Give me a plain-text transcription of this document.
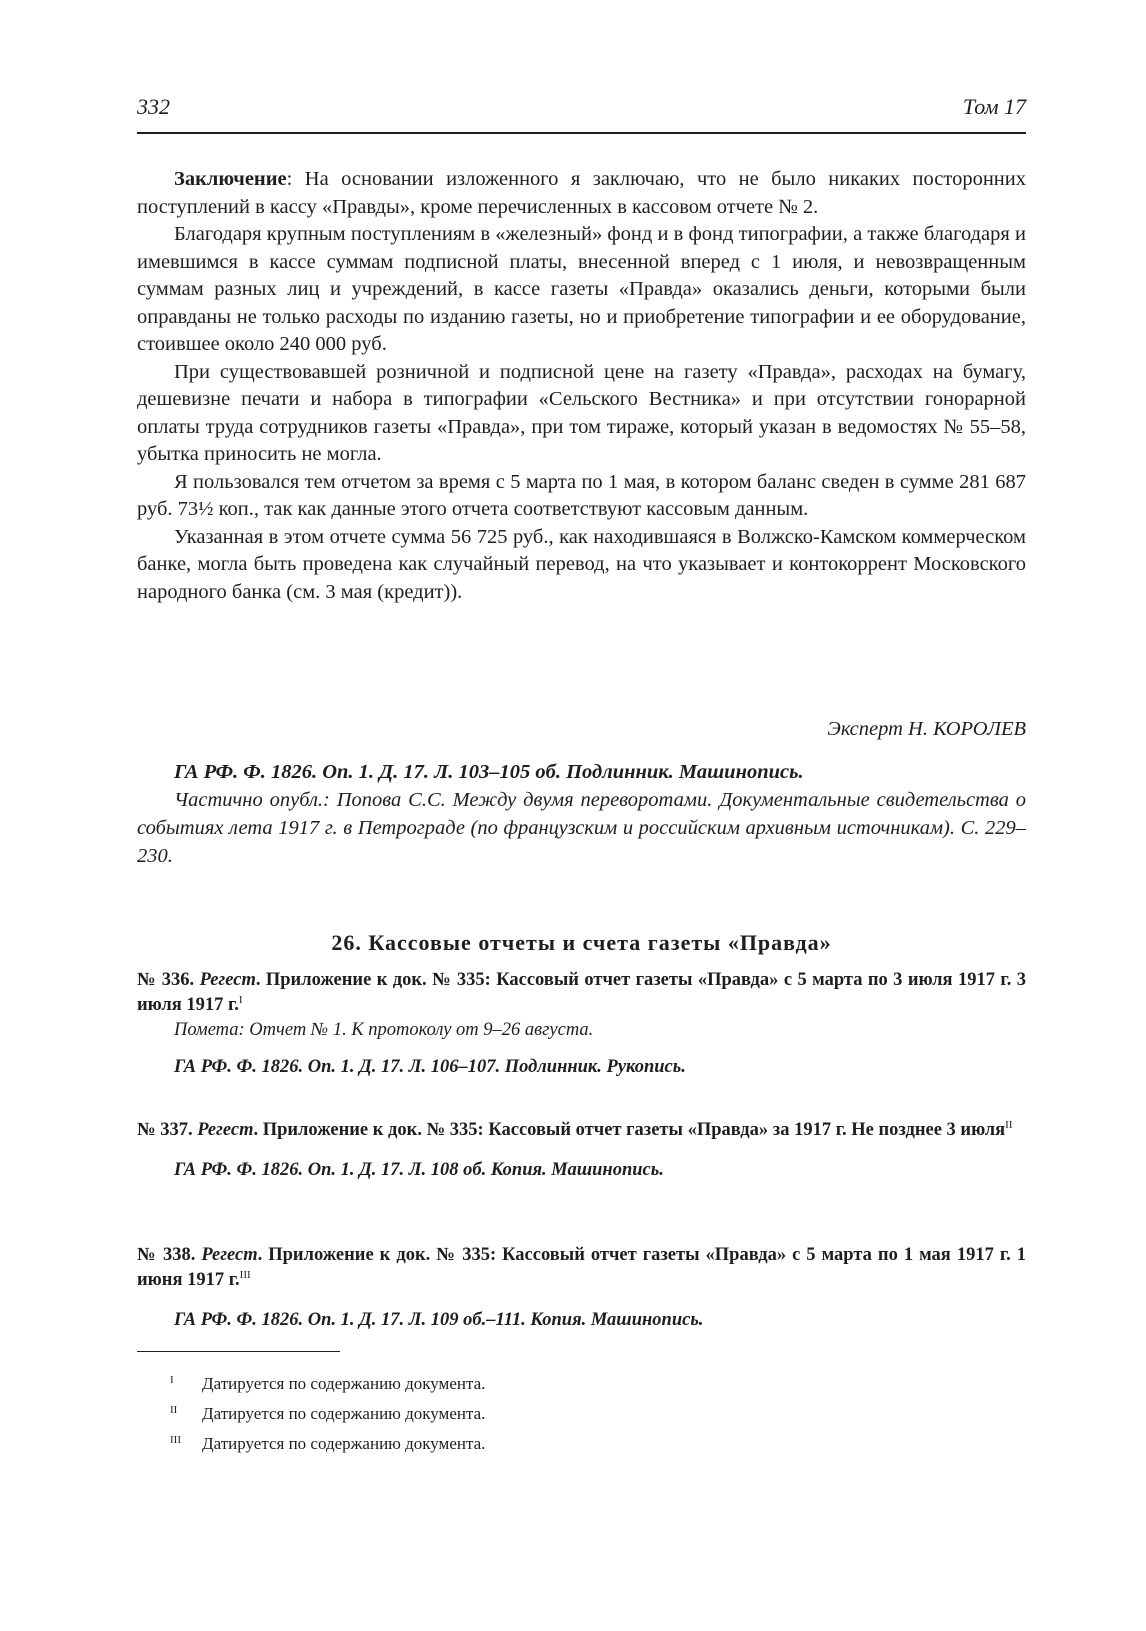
332	Том 17

Заключение: На основании изложенного я заключаю, что не было никаких посторонних поступлений в кассу «Правды», кроме перечисленных в кассовом отчете № 2.

Благодаря крупным поступлениям в «железный» фонд и в фонд типографии, а также благодаря и имевшимся в кассе суммам подписной платы, внесенной вперед с 1 июля, и невозвращенным суммам разных лиц и учреждений, в кассе газеты «Правда» оказались деньги, которыми были оправданы не только расходы по изданию газеты, но и приобретение типографии и ее оборудование, стоившее около 240 000 руб.

При существовавшей розничной и подписной цене на газету «Правда», расходах на бумагу, дешевизне печати и набора в типографии «Сельского Вестника» и при отсутствии гонорарной оплаты труда сотрудников газеты «Правда», при том тираже, который указан в ведомостях № 55–58, убытка приносить не могла.

Я пользовался тем отчетом за время с 5 марта по 1 мая, в котором баланс сведен в сумме 281 687 руб. 73½ коп., так как данные этого отчета соответствуют кассовым данным.

Указанная в этом отчете сумма 56 725 руб., как находившаяся в Волжско-Камском коммерческом банке, могла быть проведена как случайный перевод, на что указывает и контокоррент Московского народного банка (см. 3 мая (кредит)).

Эксперт Н. КОРОЛЕВ
ГА РФ. Ф. 1826. Оп. 1. Д. 17. Л. 103–105 об. Подлинник. Машинопись.

Частично опубл.: Попова С.С. Между двумя переворотами. Документальные свидетельства о событиях лета 1917 г. в Петрограде (по французским и российским архивным источникам). С. 229–230.

26. Кассовые отчеты и счета газеты «Правда»

№ 336. Регест. Приложение к док. № 335: Кассовый отчет газеты «Правда» с 5 марта по 3 июля 1917 г. 3 июля 1917 г.$^I$

Помета: Отчет № 1. К протоколу от 9–26 августа.

ГА РФ. Ф. 1826. Оп. 1. Д. 17. Л. 106–107. Подлинник. Рукопись.

№ 337. Регест. Приложение к док. № 335: Кассовый отчет газеты «Правда» за 1917 г. Не позднее 3 июля$^{II}$

ГА РФ. Ф. 1826. Оп. 1. Д. 17. Л. 108 об. Копия. Машинопись.

№ 338. Регест. Приложение к док. № 335: Кассовый отчет газеты «Правда» с 5 марта по 1 мая 1917 г. 1 июня 1917 г.$^{III}$

ГА РФ. Ф. 1826. Оп. 1. Д. 17. Л. 109 об.–111. Копия. Машинопись.

I Датируется по содержанию документа.
II Датируется по содержанию документа.
III Датируется по содержанию документа.
